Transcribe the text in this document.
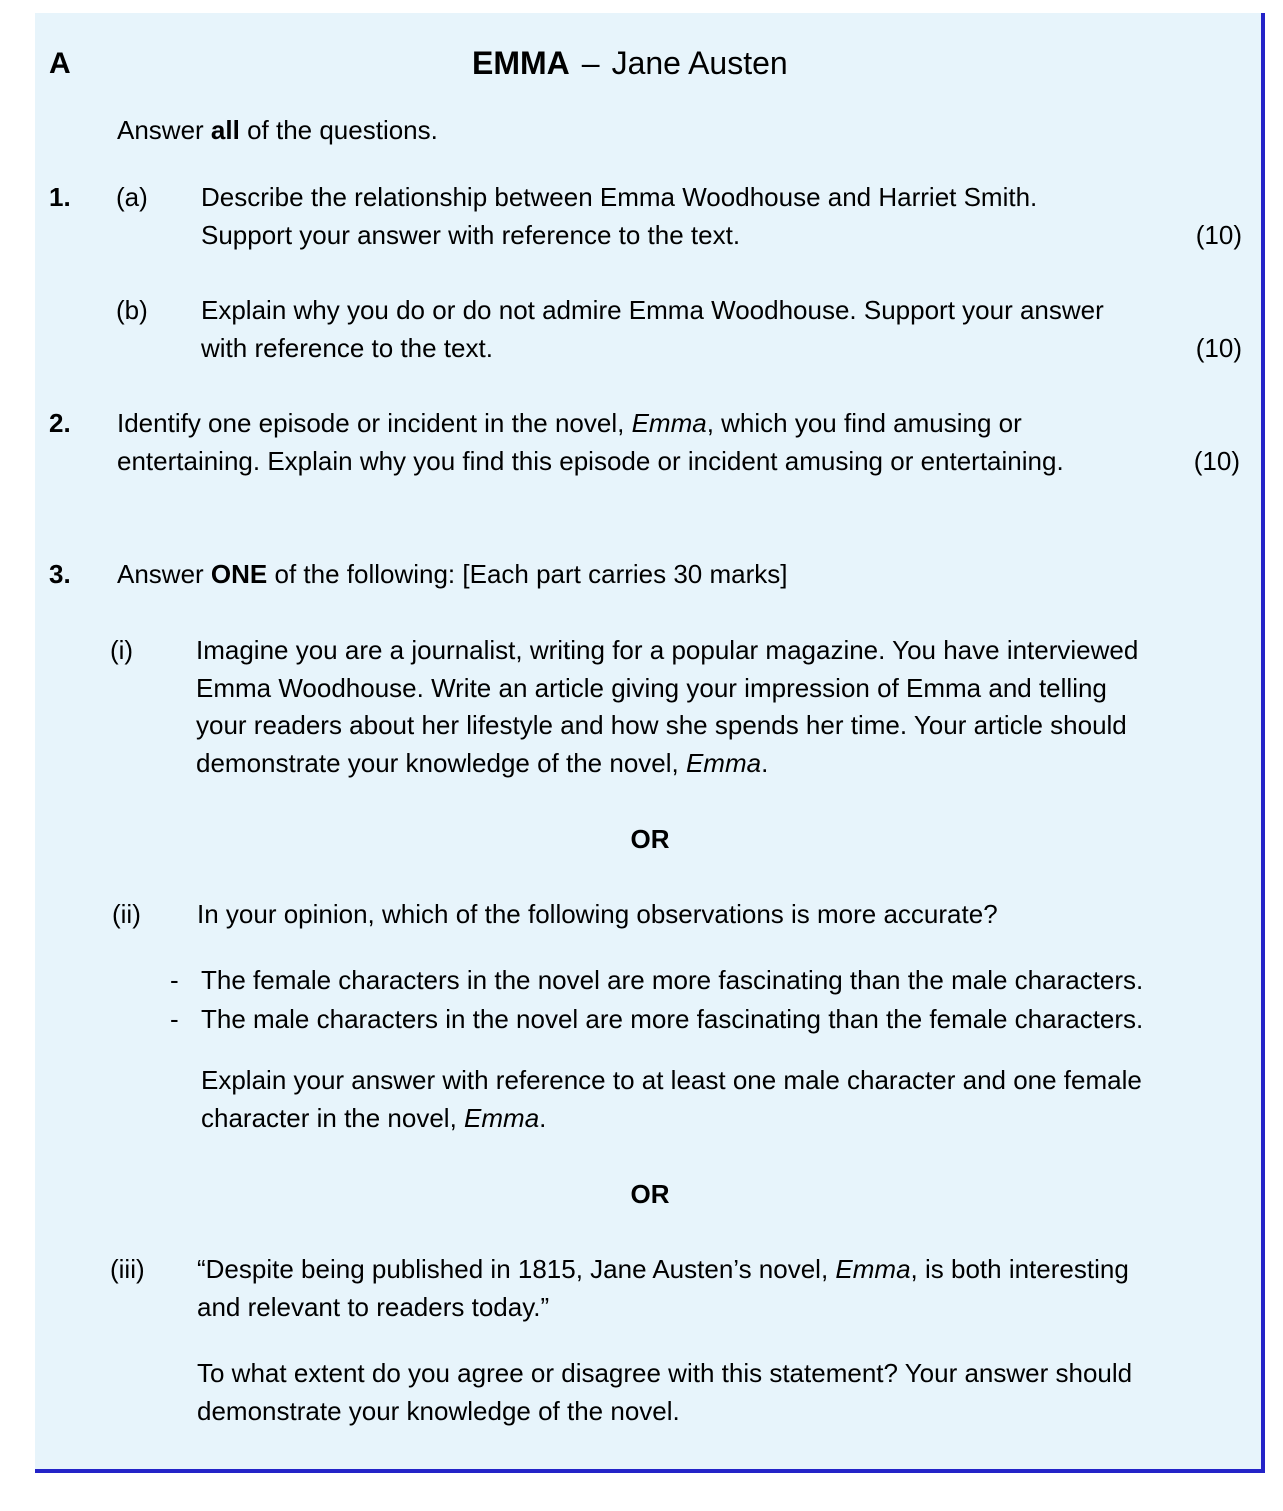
A	EMMA – Jane Austen
Answer all of the questions.
1. (a) Describe the relationship between Emma Woodhouse and Harriet Smith.
Support your answer with reference to the text.	(10)
(b) Explain why you do or do not admire Emma Woodhouse. Support your answer
with reference to the text.	(10)
2. Identify one episode or incident in the novel, Emma, which you find amusing or
entertaining. Explain why you find this episode or incident amusing or entertaining.	(10)
3. Answer ONE of the following: [Each part carries 30 marks]
(i) Imagine you are a journalist, writing for a popular magazine. You have interviewed
Emma Woodhouse. Write an article giving your impression of Emma and telling
your readers about her lifestyle and how she spends her time. Your article should
demonstrate your knowledge of the novel, Emma.
OR
(ii) In your opinion, which of the following observations is more accurate?
- The female characters in the novel are more fascinating than the male characters.
- The male characters in the novel are more fascinating than the female characters.
Explain your answer with reference to at least one male character and one female
character in the novel, Emma.
OR
(iii) “Despite being published in 1815, Jane Austen’s novel, Emma, is both interesting
and relevant to readers today.”
To what extent do you agree or disagree with this statement? Your answer should
demonstrate your knowledge of the novel.
